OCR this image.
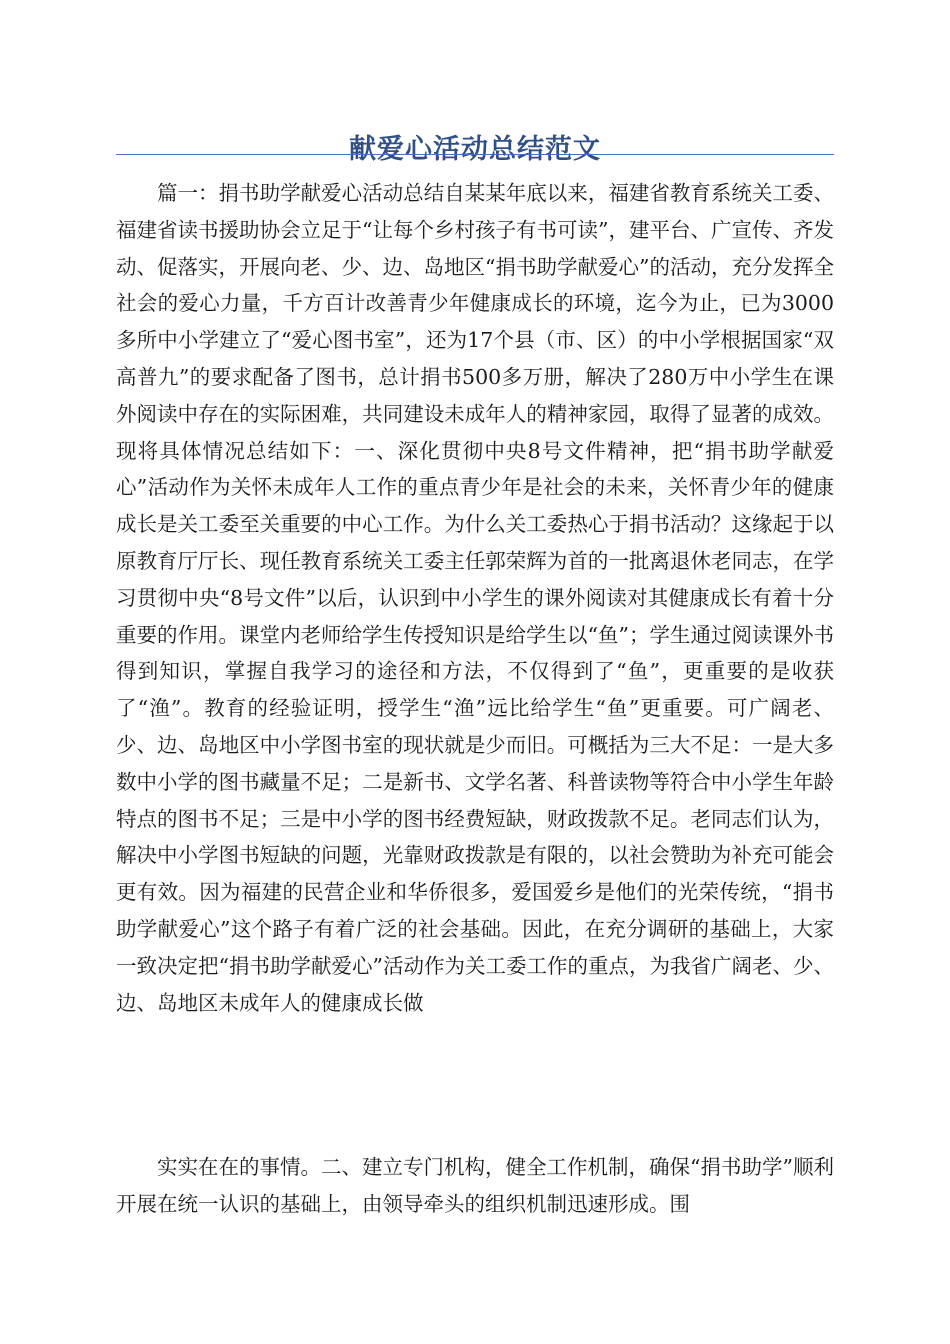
献爱心活动总结范文

篇一：捐书助学献爱心活动总结自某某年底以来，福建省教育系统关工委、福建省读书援助协会立足于“让每个乡村孩子有书可读”，建平台、广宣传、齐发动、促落实，开展向老、少、边、岛地区“捐书助学献爱心”的活动，充分发挥全社会的爱心力量，千方百计改善青少年健康成长的环境，迄今为止，已为3000多所中小学建立了“爱心图书室”，还为17个县（市、区）的中小学根据国家“双高普九”的要求配备了图书，总计捐书500多万册，解决了280万中小学生在课外阅读中存在的实际困难，共同建设未成年人的精神家园，取得了显著的成效。现将具体情况总结如下：一、深化贯彻中央8号文件精神，把“捐书助学献爱心”活动作为关怀未成年人工作的重点青少年是社会的未来，关怀青少年的健康成长是关工委至关重要的中心工作。为什么关工委热心于捐书活动？这缘起于以原教育厅厅长、现任教育系统关工委主任郭荣辉为首的一批离退休老同志，在学习贯彻中央“8号文件”以后，认识到中小学生的课外阅读对其健康成长有着十分重要的作用。课堂内老师给学生传授知识是给学生以“鱼”；学生通过阅读课外书得到知识，掌握自我学习的途径和方法，不仅得到了“鱼”，更重要的是收获了“渔”。教育的经验证明，授学生“渔”远比给学生“鱼”更重要。可广阔老、少、边、岛地区中小学图书室的现状就是少而旧。可概括为三大不足：一是大多数中小学的图书藏量不足；二是新书、文学名著、科普读物等符合中小学生年龄特点的图书不足；三是中小学的图书经费短缺，财政拨款不足。老同志们认为，解决中小学图书短缺的问题，光靠财政拨款是有限的，以社会赞助为补充可能会更有效。因为福建的民营企业和华侨很多，爱国爱乡是他们的光荣传统，“捐书助学献爱心”这个路子有着广泛的社会基础。因此，在充分调研的基础上，大家一致决定把“捐书助学献爱心”活动作为关工委工作的重点，为我省广阔老、少、边、岛地区未成年人的健康成长做

实实在在的事情。二、建立专门机构，健全工作机制，确保“捐书助学”顺利开展在统一认识的基础上，由领导牵头的组织机制迅速形成。围
